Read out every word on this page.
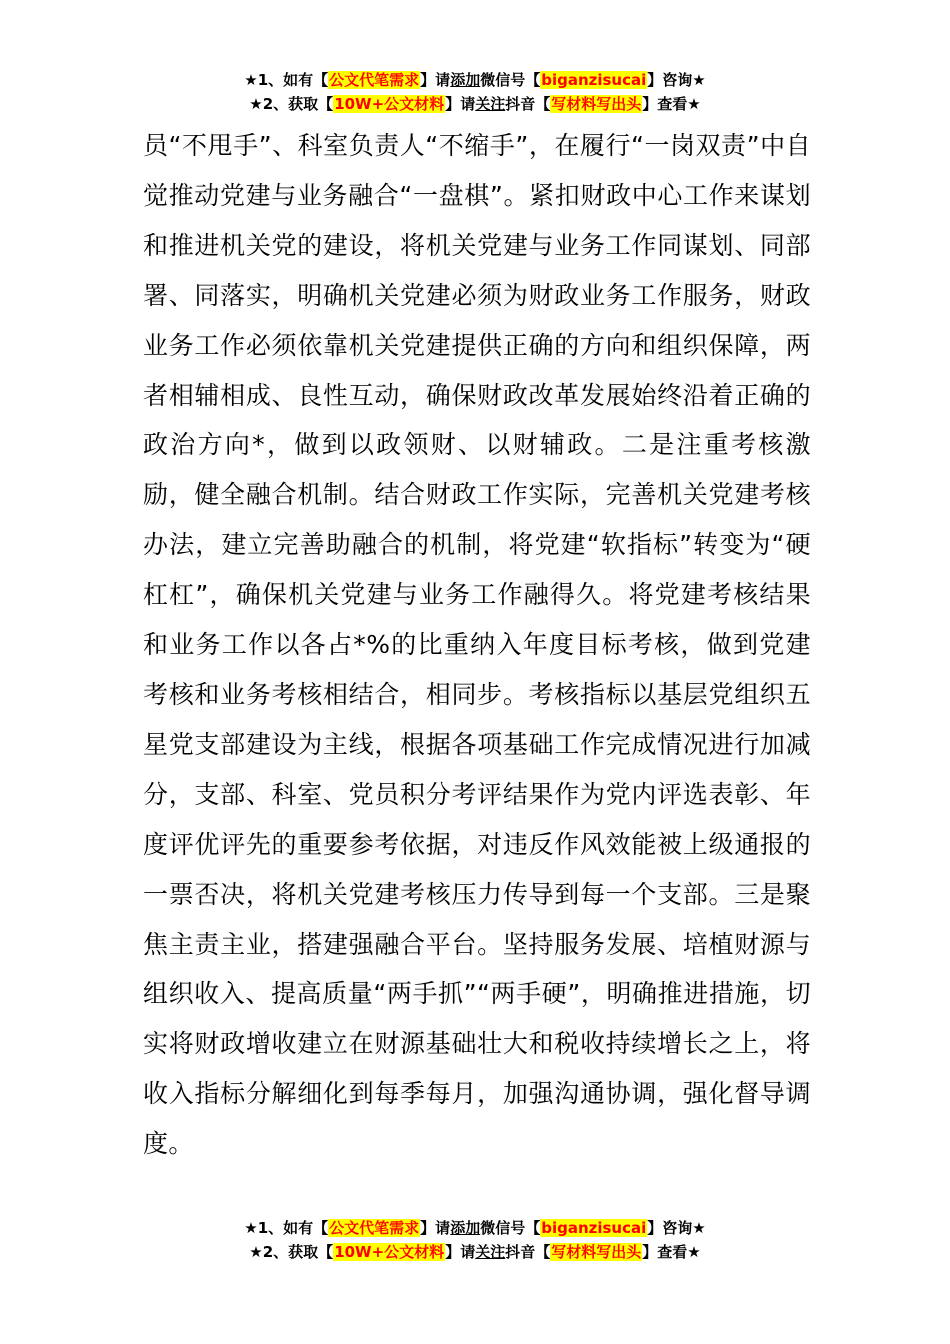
★1、如有【公文代笔需求】请添加微信号【biganzisucai】咨询★
★2、获取【10W+公文材料】请关注抖音【写材料写出头】查看★

员“不甩手”、科室负责人“不缩手”，在履行“一岗双责”中自觉推动党建与业务融合“一盘棋”。紧扣财政中心工作来谋划和推进机关党的建设，将机关党建与业务工作同谋划、同部署、同落实，明确机关党建必须为财政业务工作服务，财政业务工作必须依靠机关党建提供正确的方向和组织保障，两者相辅相成、良性互动，确保财政改革发展始终沿着正确的政治方向*，做到以政领财、以财辅政。二是注重考核激励，健全融合机制。结合财政工作实际，完善机关党建考核办法，建立完善助融合的机制，将党建“软指标”转变为“硬杠杠”，确保机关党建与业务工作融得久。将党建考核结果和业务工作以各占*%的比重纳入年度目标考核，做到党建考核和业务考核相结合，相同步。考核指标以基层党组织五星党支部建设为主线，根据各项基础工作完成情况进行加减分，支部、科室、党员积分考评结果作为党内评选表彰、年度评优评先的重要参考依据，对违反作风效能被上级通报的一票否决，将机关党建考核压力传导到每一个支部。三是聚焦主责主业，搭建强融合平台。坚持服务发展、培植财源与组织收入、提高质量“两手抓”“两手硬”，明确推进措施，切实将财政增收建立在财源基础壮大和税收持续增长之上，将收入指标分解细化到每季每月，加强沟通协调，强化督导调度。

★1、如有【公文代笔需求】请添加微信号【biganzisucai】咨询★
★2、获取【10W+公文材料】请关注抖音【写材料写出头】查看★
